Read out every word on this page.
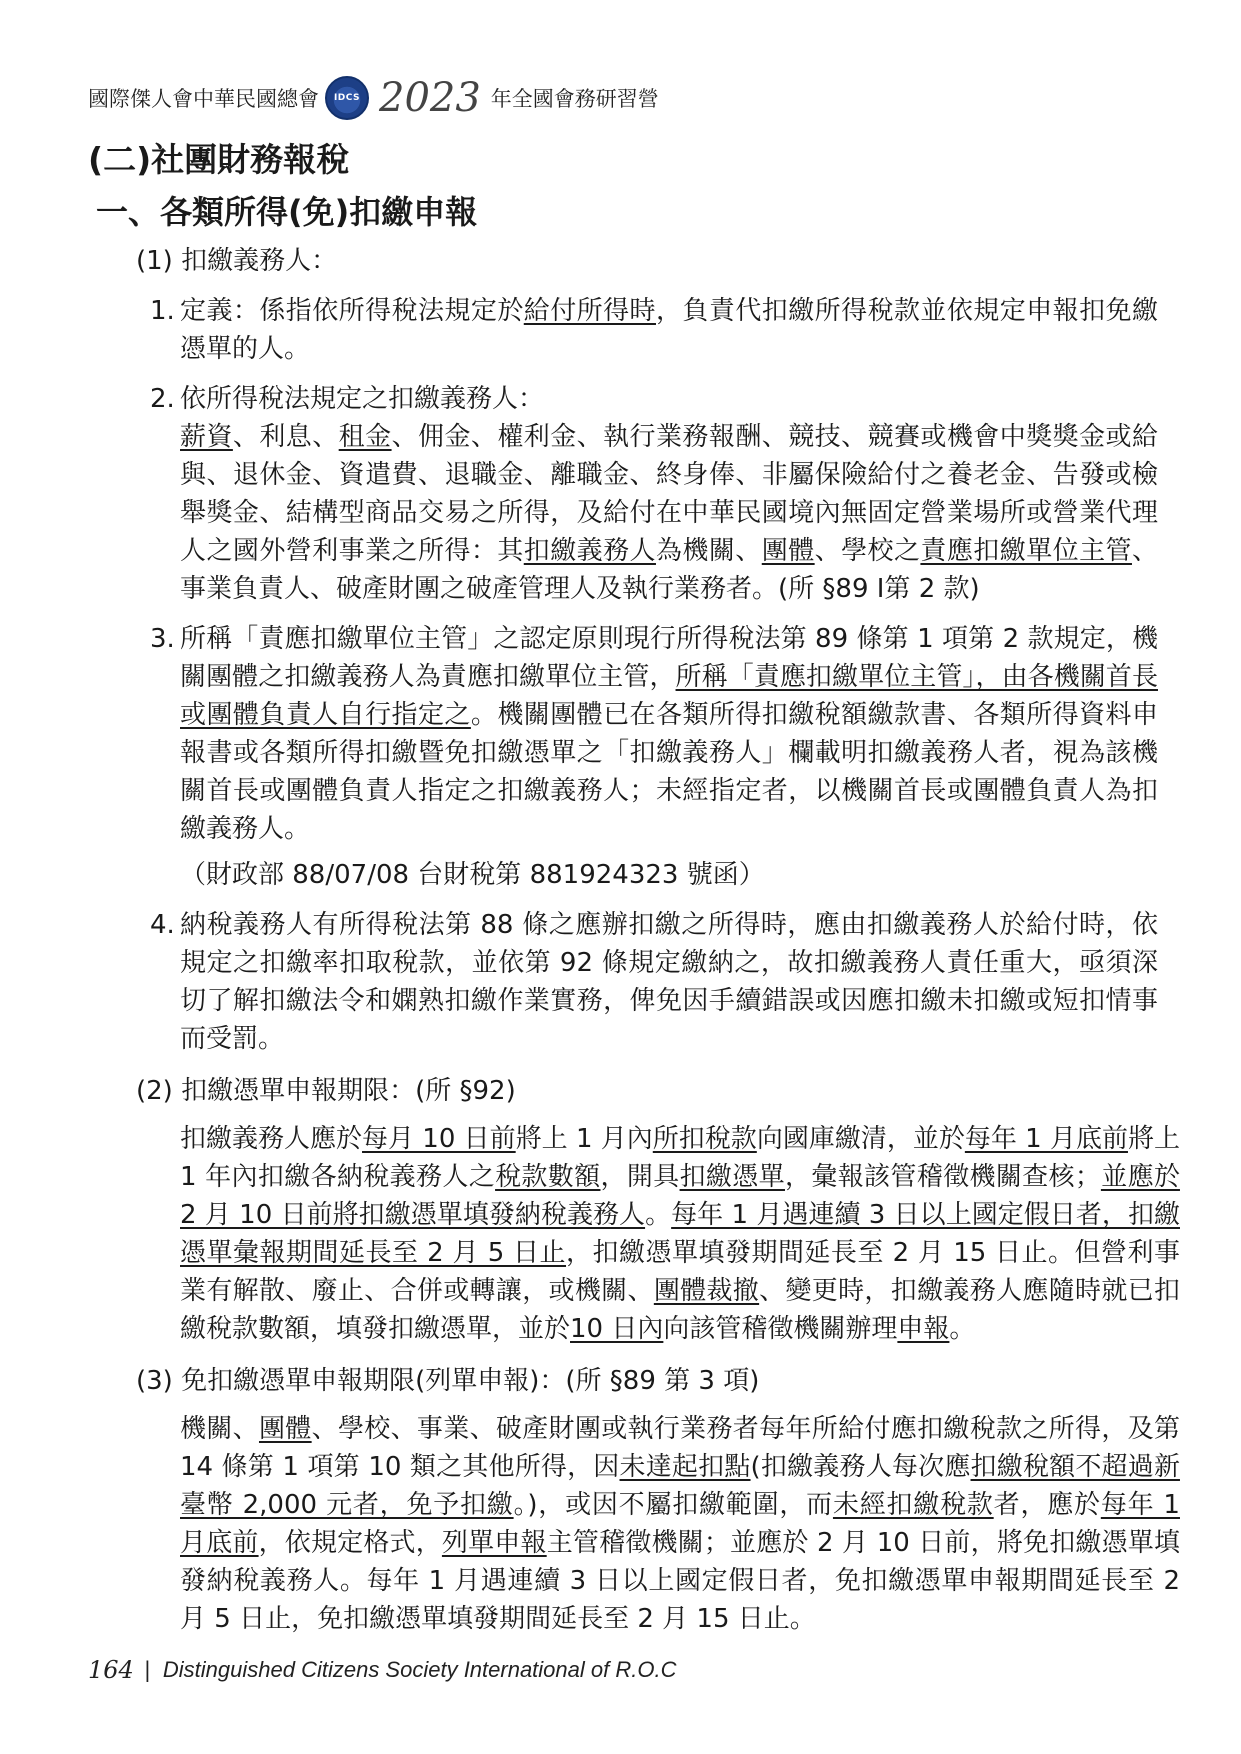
國際傑人會中華民國總會 IDCS 2023 年全國會務研習營
(二)社團財務報稅
一、各類所得(免)扣繳申報
(1) 扣繳義務人：
1. 定義：係指依所得稅法規定於給付所得時，負責代扣繳所得稅款並依規定申報扣免繳憑單的人。
2. 依所得稅法規定之扣繳義務人：
薪資、利息、租金、佣金、權利金、執行業務報酬、競技、競賽或機會中獎獎金或給與、退休金、資遣費、退職金、離職金、終身俸、非屬保險給付之養老金、告發或檢舉獎金、結構型商品交易之所得，及給付在中華民國境內無固定營業場所或營業代理人之國外營利事業之所得：其扣繳義務人為機關、團體、學校之責應扣繳單位主管、事業負責人、破產財團之破產管理人及執行業務者。(所 §89 Ⅰ第 2 款)
3. 所稱「責應扣繳單位主管」之認定原則現行所得稅法第 89 條第 1 項第 2 款規定，機關團體之扣繳義務人為責應扣繳單位主管，所稱「責應扣繳單位主管」，由各機關首長或團體負責人自行指定之。機關團體已在各類所得扣繳稅額繳款書、各類所得資料申報書或各類所得扣繳暨免扣繳憑單之「扣繳義務人」欄載明扣繳義務人者，視為該機關首長或團體負責人指定之扣繳義務人；未經指定者，以機關首長或團體負責人為扣繳義務人。
（財政部 88/07/08 台財稅第 881924323 號函）
4. 納稅義務人有所得稅法第 88 條之應辦扣繳之所得時，應由扣繳義務人於給付時，依規定之扣繳率扣取稅款，並依第 92 條規定繳納之，故扣繳義務人責任重大，亟須深切了解扣繳法令和嫻熟扣繳作業實務，俾免因手續錯誤或因應扣繳未扣繳或短扣情事而受罰。
(2) 扣繳憑單申報期限：(所 §92)
扣繳義務人應於每月 10 日前將上 1 月內所扣稅款向國庫繳清，並於每年 1 月底前將上 1 年內扣繳各納稅義務人之稅款數額，開具扣繳憑單，彙報該管稽徵機關查核；並應於 2 月 10 日前將扣繳憑單填發納稅義務人。每年 1 月遇連續 3 日以上國定假日者，扣繳憑單彙報期間延長至 2 月 5 日止，扣繳憑單填發期間延長至 2 月 15 日止。但營利事業有解散、廢止、合併或轉讓，或機關、團體裁撤、變更時，扣繳義務人應隨時就已扣繳稅款數額，填發扣繳憑單，並於10 日內向該管稽徵機關辦理申報。
(3) 免扣繳憑單申報期限(列單申報)：(所 §89 第 3 項)
機關、團體、學校、事業、破產財團或執行業務者每年所給付應扣繳稅款之所得，及第 14 條第 1 項第 10 類之其他所得，因未達起扣點(扣繳義務人每次應扣繳稅額不超過新臺幣 2,000 元者，免予扣繳。)，或因不屬扣繳範圍，而未經扣繳稅款者，應於每年 1 月底前，依規定格式，列單申報主管稽徵機關；並應於 2 月 10 日前，將免扣繳憑單填發納稅義務人。每年 1 月遇連續 3 日以上國定假日者，免扣繳憑單申報期間延長至 2 月 5 日止，免扣繳憑單填發期間延長至 2 月 15 日止。
164 | Distinguished Citizens Society International of R.O.C
